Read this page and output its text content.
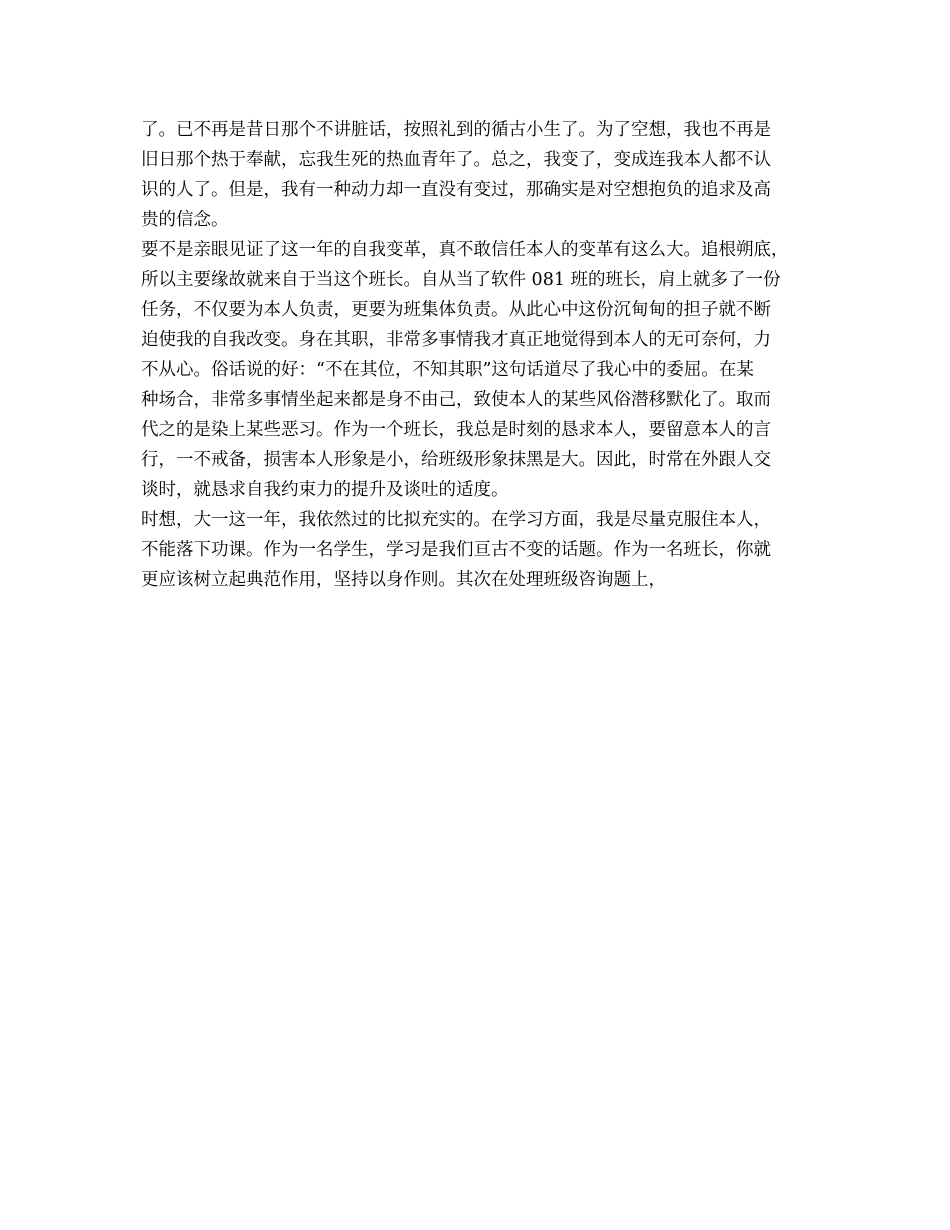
了。已不再是昔日那个不讲脏话，按照礼到的循古小生了。为了空想，我也不再是
旧日那个热于奉献，忘我生死的热血青年了。总之，我变了，变成连我本人都不认
识的人了。但是，我有一种动力却一直没有变过，那确实是对空想抱负的追求及高
贵的信念。
要不是亲眼见证了这一年的自我变革，真不敢信任本人的变革有这么大。追根朔底，
所以主要缘故就来自于当这个班长。自从当了软件 081 班的班长，肩上就多了一份
任务，不仅要为本人负责，更要为班集体负责。从此心中这份沉甸甸的担子就不断
迫使我的自我改变。身在其职，非常多事情我才真正地觉得到本人的无可奈何，力
不从心。俗话说的好：“不在其位，不知其职”这句话道尽了我心中的委屈。在某
种场合，非常多事情坐起来都是身不由己，致使本人的某些风俗潜移默化了。取而
代之的是染上某些恶习。作为一个班长，我总是时刻的恳求本人，要留意本人的言
行，一不戒备，损害本人形象是小，给班级形象抹黑是大。因此，时常在外跟人交
谈时，就恳求自我约束力的提升及谈吐的适度。
时想，大一这一年，我依然过的比拟充实的。在学习方面，我是尽量克服住本人，
不能落下功课。作为一名学生，学习是我们亘古不变的话题。作为一名班长，你就
更应该树立起典范作用，坚持以身作则。其次在处理班级咨询题上，
